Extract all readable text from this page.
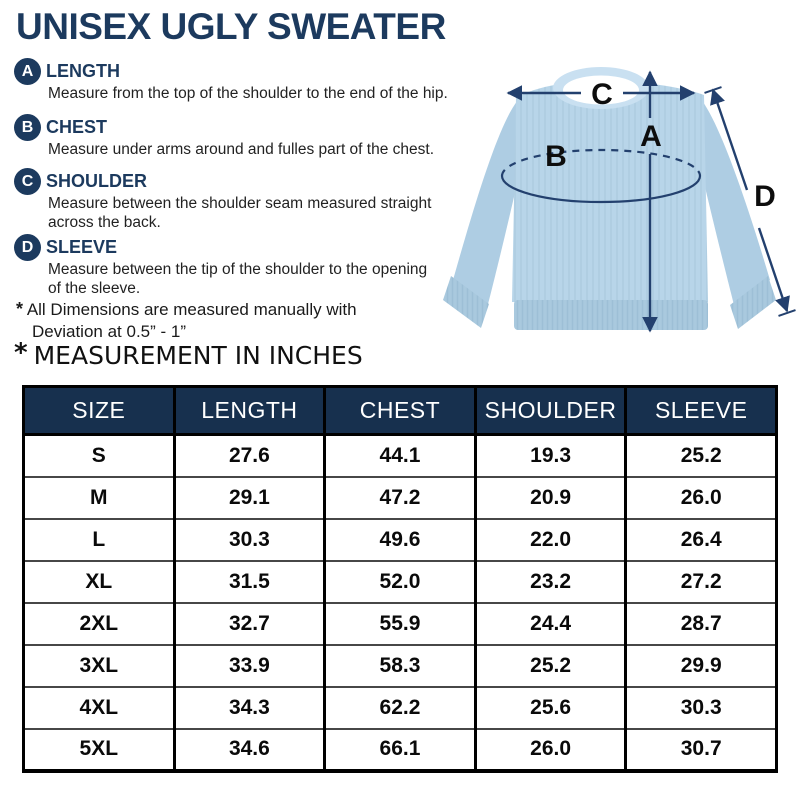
UNISEX UGLY SWEATER
A LENGTH
Measure from the top of the shoulder to the end of the hip.
B CHEST
Measure under arms around and fulles part of the chest.
C SHOULDER
Measure between the shoulder seam measured straight across the back.
D SLEEVE
Measure between the tip of the shoulder to the opening of the sleeve.
* All Dimensions are measured manually with
Deviation at 0.5” - 1”
* MEASUREMENT IN INCHES
C
A
B
D
SIZE	LENGTH	CHEST	SHOULDER	SLEEVE
S	27.6	44.1	19.3	25.2
M	29.1	47.2	20.9	26.0
L	30.3	49.6	22.0	26.4
XL	31.5	52.0	23.2	27.2
2XL	32.7	55.9	24.4	28.7
3XL	33.9	58.3	25.2	29.9
4XL	34.3	62.2	25.6	30.3
5XL	34.6	66.1	26.0	30.7
